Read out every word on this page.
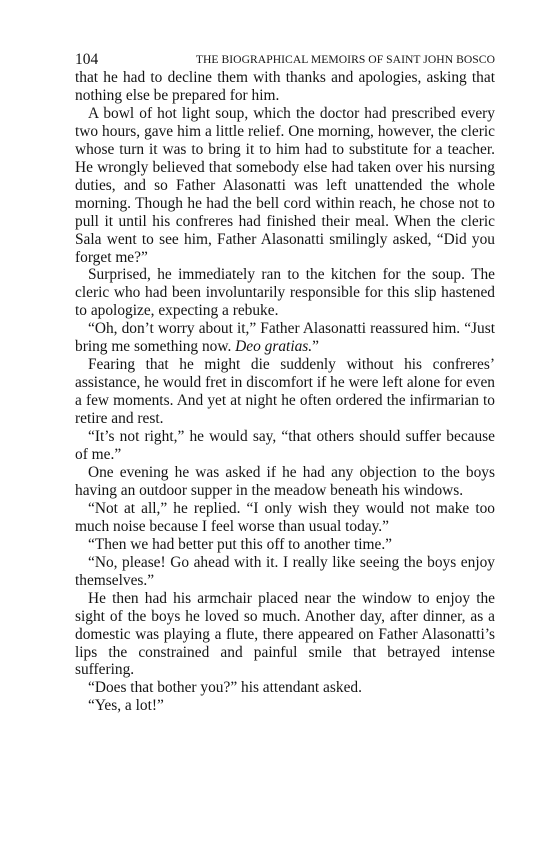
104	THE BIOGRAPHICAL MEMOIRS OF SAINT JOHN BOSCO

that he had to decline them with thanks and apologies, asking that nothing else be prepared for him.

A bowl of hot light soup, which the doctor had prescribed every two hours, gave him a little relief. One morning, however, the cleric whose turn it was to bring it to him had to substitute for a teacher. He wrongly believed that somebody else had taken over his nursing duties, and so Father Alasonatti was left unattended the whole morning. Though he had the bell cord within reach, he chose not to pull it until his confreres had finished their meal. When the cleric Sala went to see him, Father Alasonatti smilingly asked, “Did you forget me?”

Surprised, he immediately ran to the kitchen for the soup. The cleric who had been involuntarily responsible for this slip hastened to apologize, expecting a rebuke.

“Oh, don’t worry about it,” Father Alasonatti reassured him. “Just bring me something now. Deo gratias.”

Fearing that he might die suddenly without his confreres’ assistance, he would fret in discomfort if he were left alone for even a few moments. And yet at night he often ordered the infirmarian to retire and rest.

“It’s not right,” he would say, “that others should suffer because of me.”

One evening he was asked if he had any objection to the boys having an outdoor supper in the meadow beneath his windows.

“Not at all,” he replied. “I only wish they would not make too much noise because I feel worse than usual today.”

“Then we had better put this off to another time.”

“No, please! Go ahead with it. I really like seeing the boys enjoy themselves.”

He then had his armchair placed near the window to enjoy the sight of the boys he loved so much. Another day, after dinner, as a domestic was playing a flute, there appeared on Father Alasonatti’s lips the constrained and painful smile that betrayed intense suffering.

“Does that bother you?” his attendant asked.

“Yes, a lot!”
